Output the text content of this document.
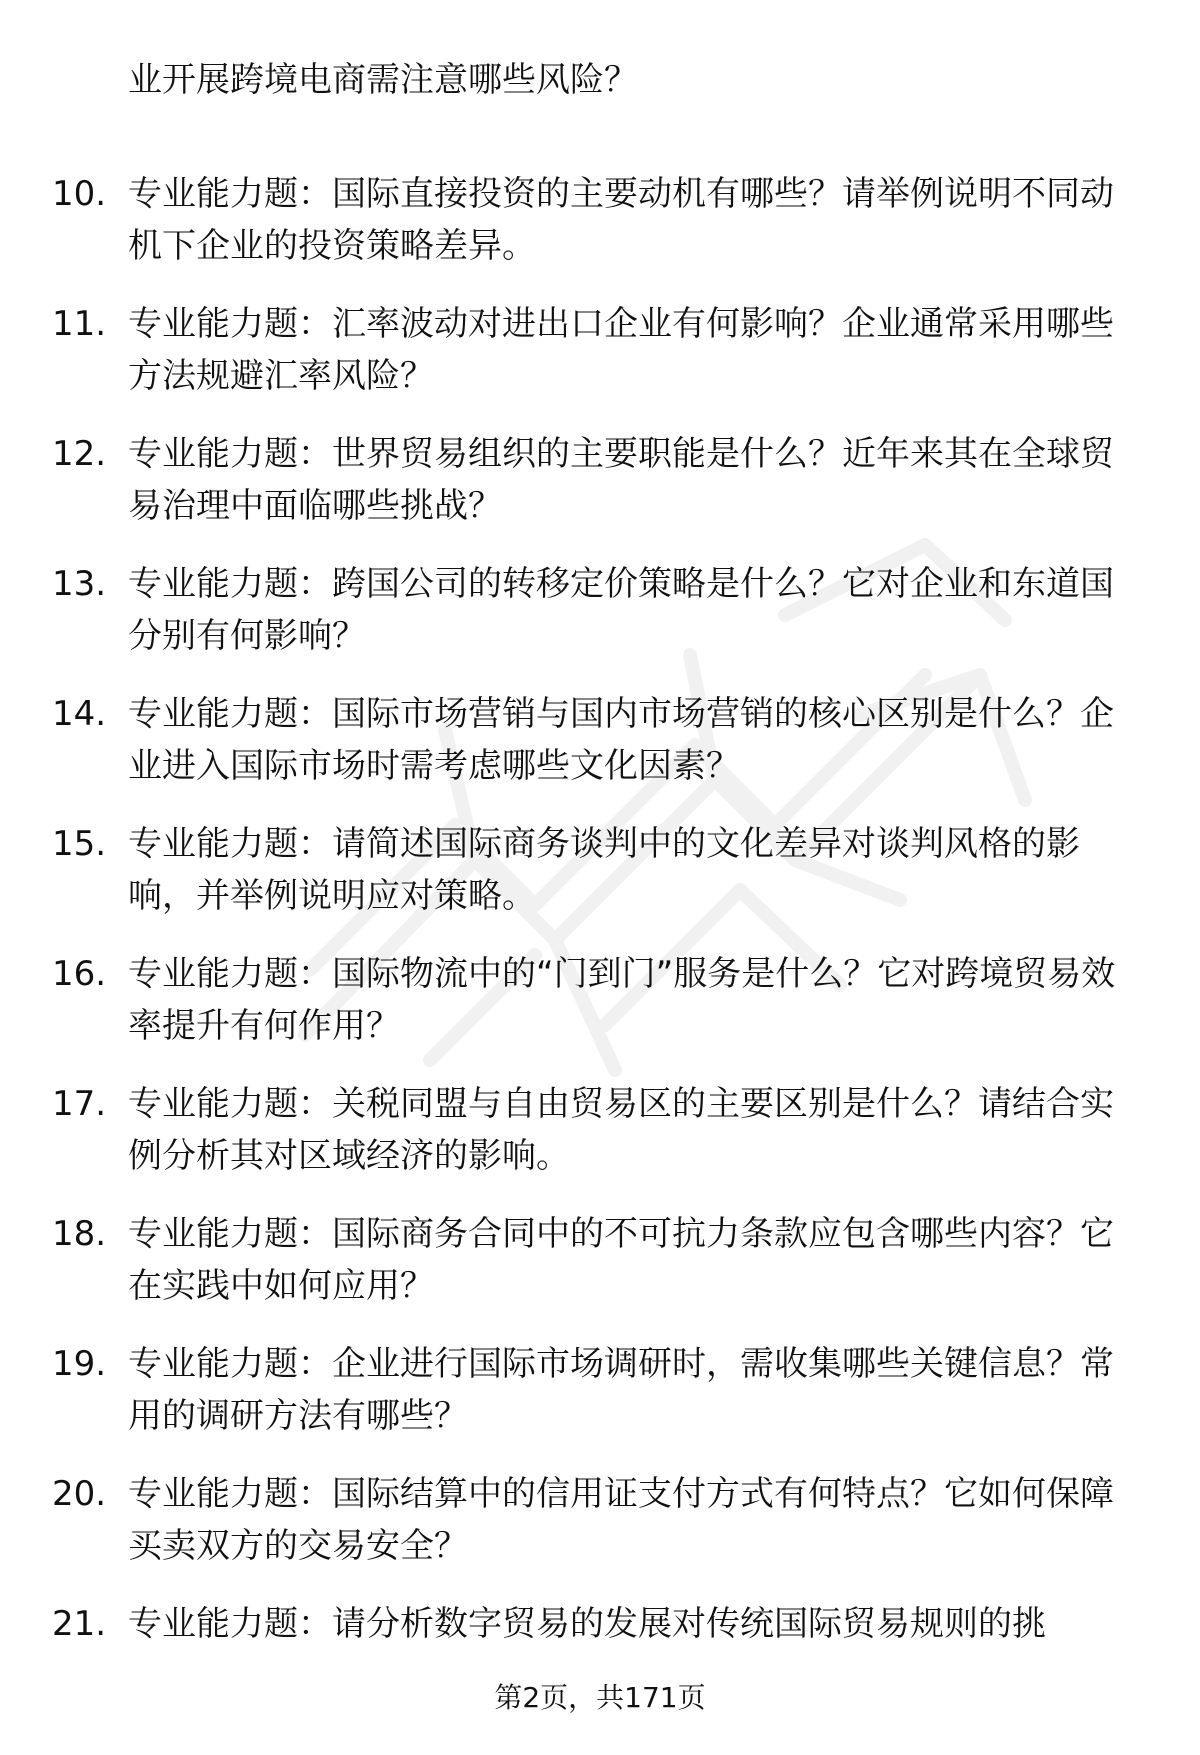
业开展跨境电商需注意哪些风险？
10. 专业能力题：国际直接投资的主要动机有哪些？请举例说明不同动机下企业的投资策略差异。
11. 专业能力题：汇率波动对进出口企业有何影响？企业通常采用哪些方法规避汇率风险？
12. 专业能力题：世界贸易组织的主要职能是什么？近年来其在全球贸易治理中面临哪些挑战？
13. 专业能力题：跨国公司的转移定价策略是什么？它对企业和东道国分别有何影响？
14. 专业能力题：国际市场营销与国内市场营销的核心区别是什么？企业进入国际市场时需考虑哪些文化因素？
15. 专业能力题：请简述国际商务谈判中的文化差异对谈判风格的影响，并举例说明应对策略。
16. 专业能力题：国际物流中的“门到门”服务是什么？它对跨境贸易效率提升有何作用？
17. 专业能力题：关税同盟与自由贸易区的主要区别是什么？请结合实例分析其对区域经济的影响。
18. 专业能力题：国际商务合同中的不可抗力条款应包含哪些内容？它在实践中如何应用？
19. 专业能力题：企业进行国际市场调研时，需收集哪些关键信息？常用的调研方法有哪些？
20. 专业能力题：国际结算中的信用证支付方式有何特点？它如何保障买卖双方的交易安全？
21. 专业能力题：请分析数字贸易的发展对传统国际贸易规则的挑
第2页，共171页
